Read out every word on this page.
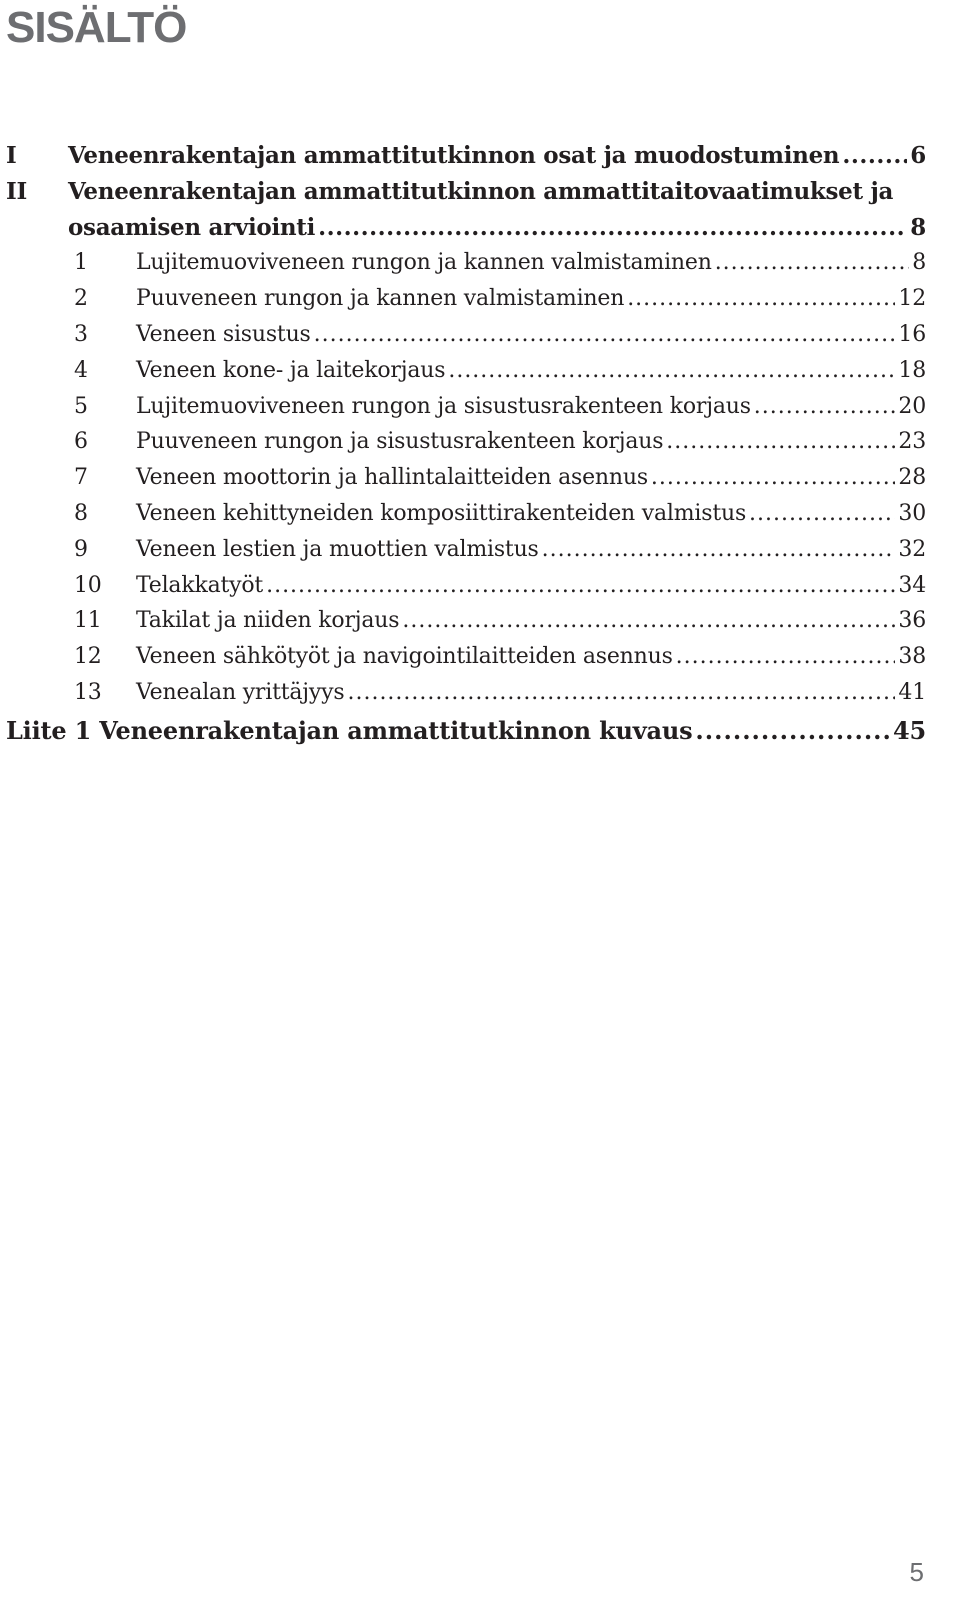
SISÄLTÖ
I	Veneenrakentajan ammattitutkinnon osat ja muodostuminen .....	6
II	Veneenrakentajan ammattitutkinnon ammattitaitovaatimukset ja
osaamisen arviointi .....	8
1	Lujitemuoviveneen rungon ja kannen valmistaminen .....	8
2	Puuveneen rungon ja kannen valmistaminen .....	12
3	Veneen sisustus .....	16
4	Veneen kone- ja laitekorjaus .....	18
5	Lujitemuoviveneen rungon ja sisustusrakenteen korjaus .....	20
6	Puuveneen rungon ja sisustusrakenteen korjaus .....	23
7	Veneen moottorin ja hallintalaitteiden asennus .....	28
8	Veneen kehittyneiden komposiittirakenteiden valmistus .....	30
9	Veneen lestien ja muottien valmistus .....	32
10	Telakkatyöt .....	34
11	Takilat ja niiden korjaus .....	36
12	Veneen sähkötyöt ja navigointilaitteiden asennus .....	38
13	Venealan yrittäjyys .....	41
Liite 1 Veneenrakentajan ammattitutkinnon kuvaus .....	45
5
